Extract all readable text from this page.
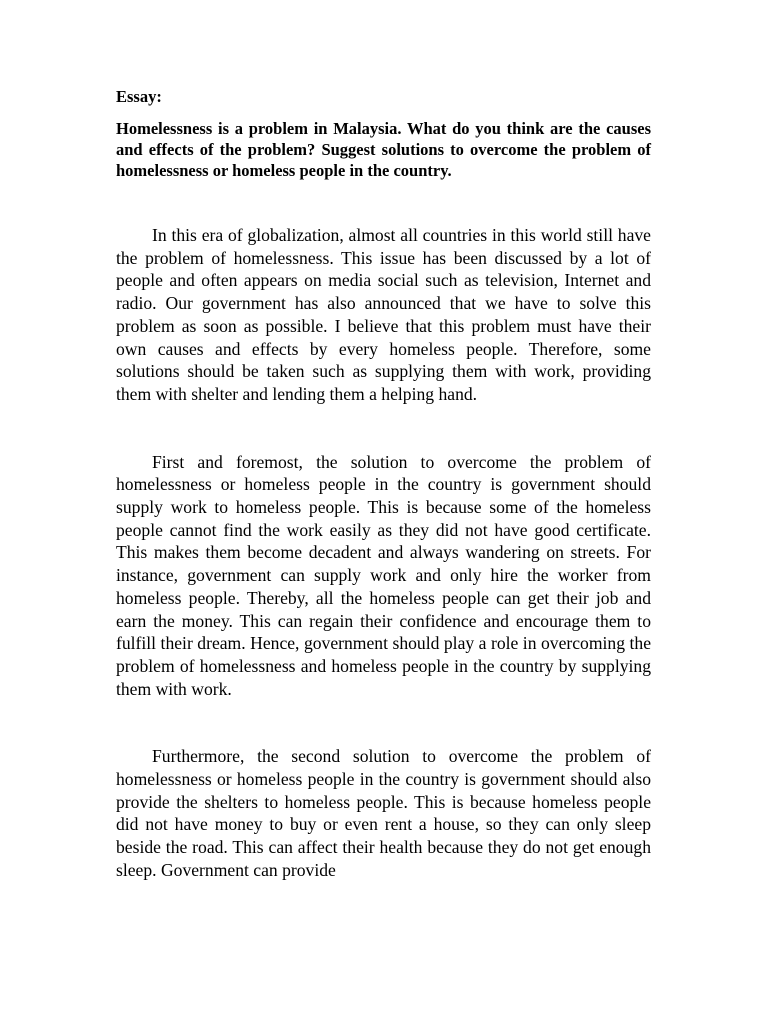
Essay:

Homelessness is a problem in Malaysia. What do you think are the causes and effects of the problem? Suggest solutions to overcome the problem of homelessness or homeless people in the country.

In this era of globalization, almost all countries in this world still have the problem of homelessness. This issue has been discussed by a lot of people and often appears on media social such as television, Internet and radio. Our government has also announced that we have to solve this problem as soon as possible. I believe that this problem must have their own causes and effects by every homeless people. Therefore, some solutions should be taken such as supplying them with work, providing them with shelter and lending them a helping hand.

First and foremost, the solution to overcome the problem of homelessness or homeless people in the country is government should supply work to homeless people. This is because some of the homeless people cannot find the work easily as they did not have good certificate. This makes them become decadent and always wandering on streets. For instance, government can supply work and only hire the worker from homeless people. Thereby, all the homeless people can get their job and earn the money. This can regain their confidence and encourage them to fulfill their dream. Hence, government should play a role in overcoming the problem of homelessness and homeless people in the country by supplying them with work.

Furthermore, the second solution to overcome the problem of homelessness or homeless people in the country is government should also provide the shelters to homeless people. This is because homeless people did not have money to buy or even rent a house, so they can only sleep beside the road. This can affect their health because they do not get enough sleep. Government can provide
